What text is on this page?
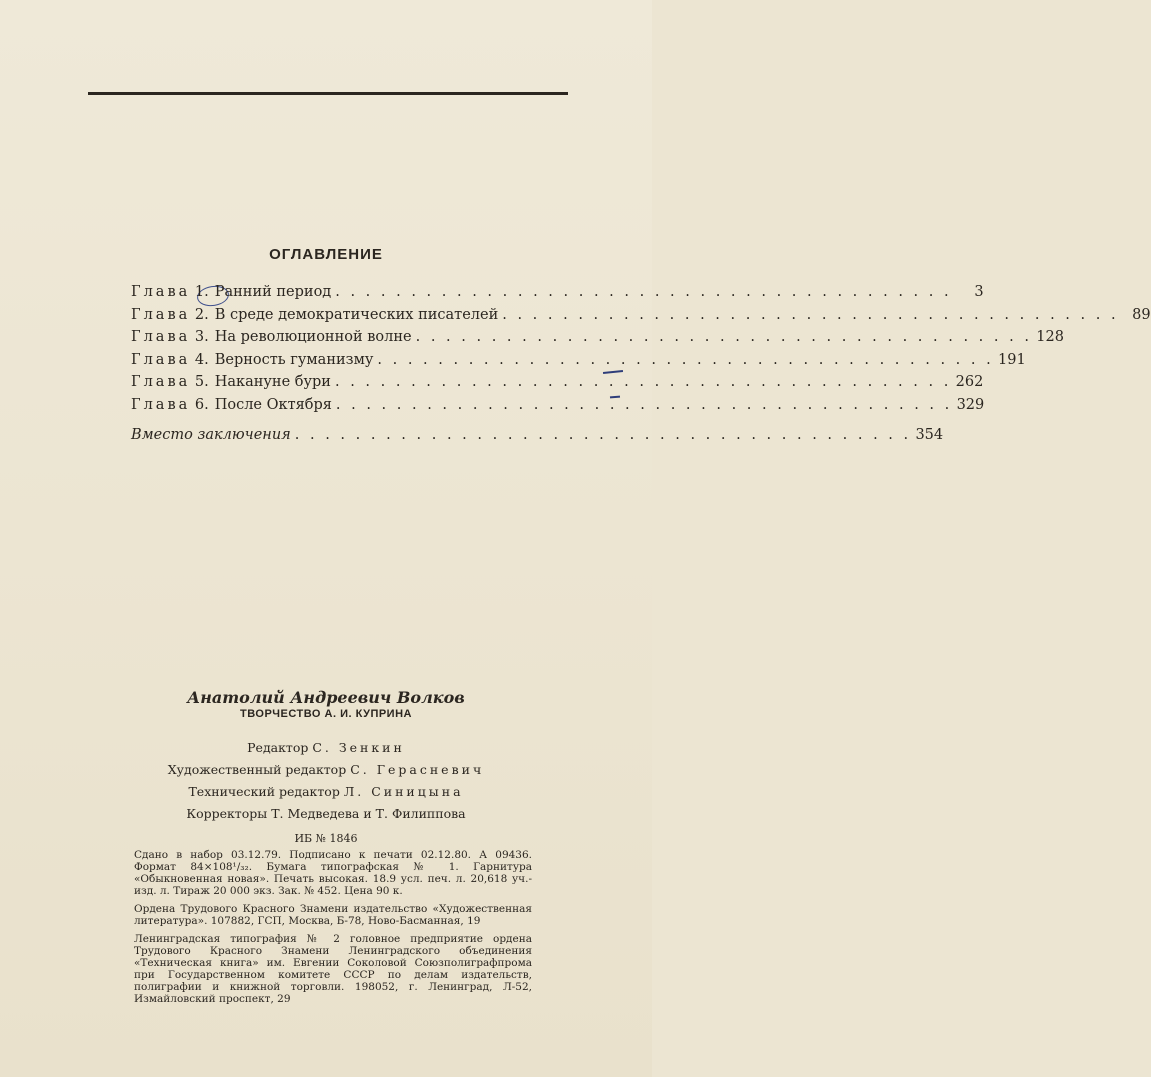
ОГЛАВЛЕНИЕ
Глава 1. Ранний период . . . . . . . . . . . . . . . . . . . . . . . . . . . . . . . . . . . . . . . . .	3
Глава 2. В среде демократических писателей . . . . . . . . . . . . . . . . . . . . . . . . . . . . . . . . . . . . . . . . . 89
Глава 3. На революционной волне . . . . . . . . . . . . . . . . . . . . . . . . . . . . . . . . . . . . . . . . . 128
Глава 4. Верность гуманизму . . . . . . . . . . . . . . . . . . . . . . . . . . . . . . . . . . . . . . . . . 191
Глава 5. Накануне бури . . . . . . . . . . . . . . . . . . . . . . . . . . . . . . . . . . . . . . . . . 262
Глава 6. После Октября . . . . . . . . . . . . . . . . . . . . . . . . . . . . . . . . . . . . . . . . . 329
Вместо заключения . . . . . . . . . . . . . . . . . . . . . . . . . . . . . . . . . . . . . . . . . 354
Анатолий Андреевич Волков
ТВОРЧЕСТВО А. И. КУПРИНА
Редактор С. Зенкин
Художественный редактор С. Герасневич
Технический редактор Л. Синицына
Корректоры Т. Медведева и Т. Филиппова
ИБ № 1846

Сдано в набор 03.12.79. Подписано к печати 02.12.80. А 09436. Формат 84×108¹/₃₂. Бумага типографская № 1. Гарнитура «Обыкновенная новая». Печать высокая. 18.9 усл. печ. л. 20,618 уч.-изд. л. Тираж 20 000 экз. Зак. № 452. Цена 90 к.

Ордена Трудового Красного Знамени издательство «Художественная литература». 107882, ГСП, Москва, Б-78, Ново-Басманная, 19

Ленинградская типография № 2 головное предприятие ордена Трудового Красного Знамени Ленинградского объединения «Техническая книга» им. Евгении Соколовой Союзполиграфпрома при Государственном комитете СССР по делам издательств, полиграфии и книжной торговли. 198052, г. Ленинград, Л-52, Измайловский проспект, 29
